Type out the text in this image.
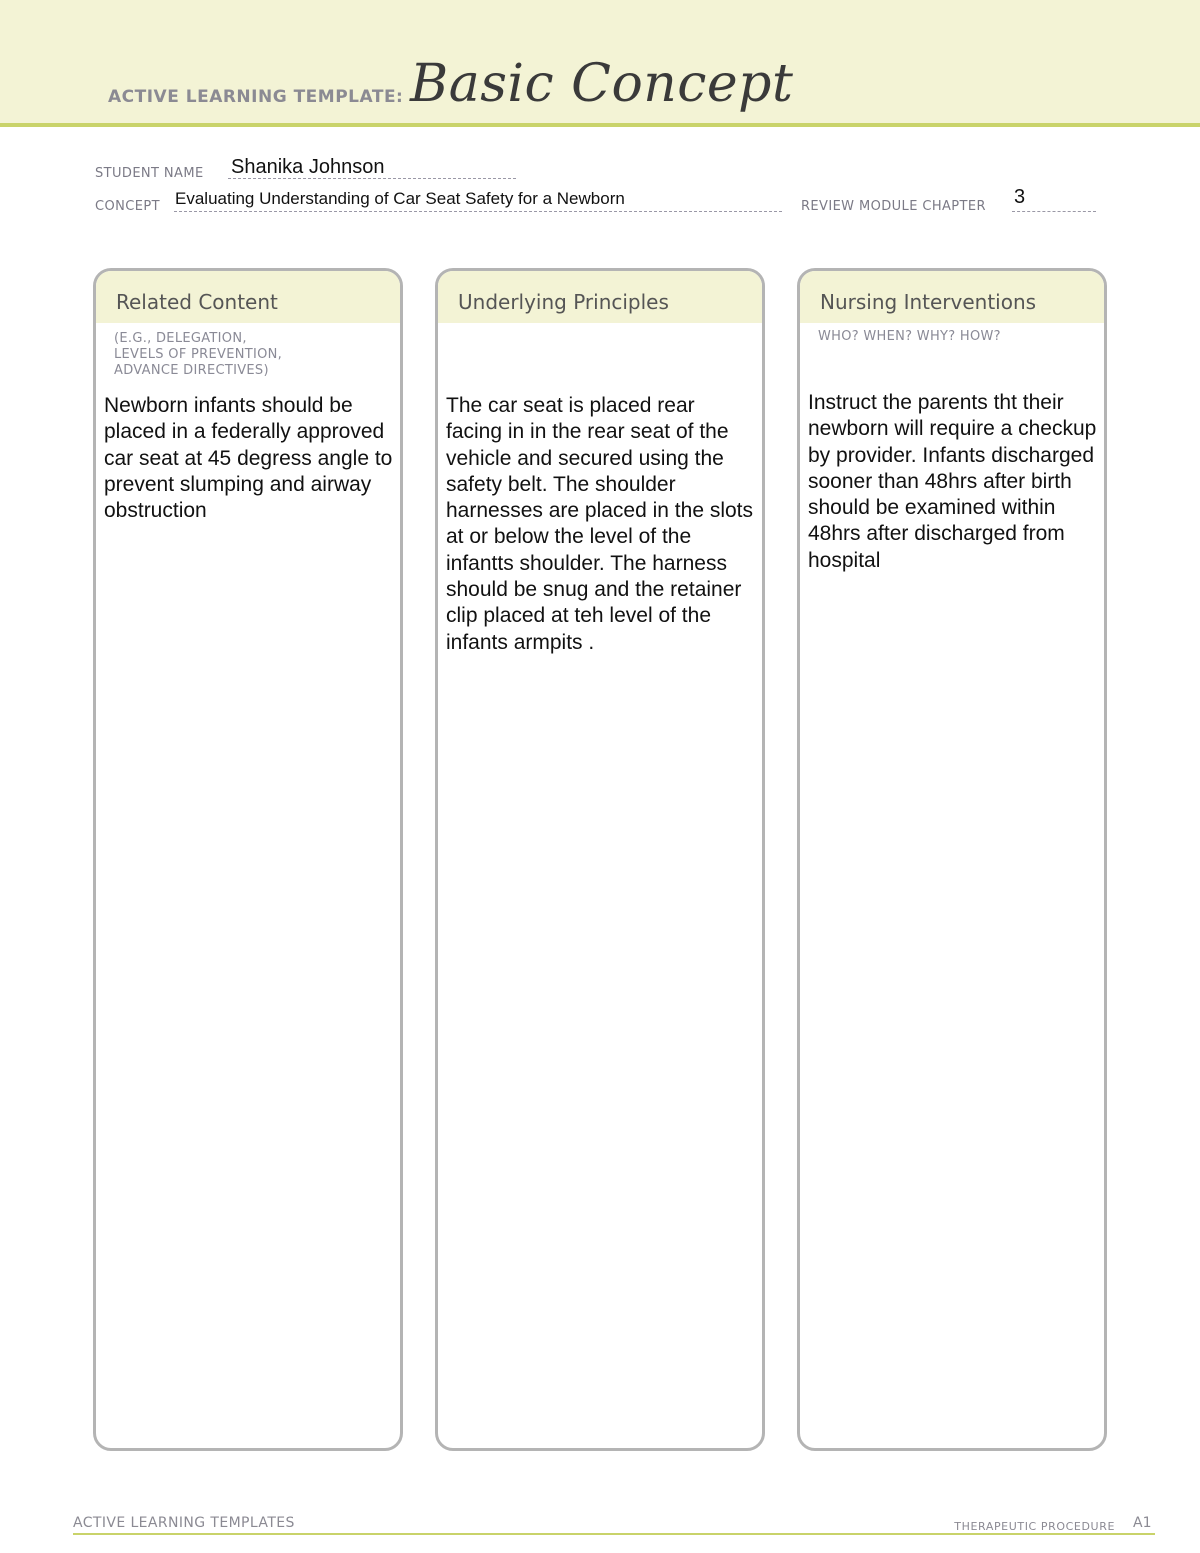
ACTIVE LEARNING TEMPLATE: Basic Concept
STUDENT NAME Shanika Johnson
CONCEPT Evaluating Understanding of Car Seat Safety for a Newborn	REVIEW MODULE CHAPTER 3
Related Content
(E.G., DELEGATION,
LEVELS OF PREVENTION,
ADVANCE DIRECTIVES)
Newborn infants should be placed in a federally approved car seat at 45 degress angle to prevent slumping and airway obstruction
Underlying Principles
The car seat is placed rear facing in in the rear seat of the vehicle and secured using the safety belt. The shoulder harnesses are placed in the slots at or below the level of the infantts shoulder. The harness should be snug and the retainer clip placed at teh level of the infants armpits .
Nursing Interventions
WHO? WHEN? WHY? HOW?
Instruct the parents tht their newborn will require a checkup by provider. Infants discharged sooner than 48hrs after birth should be examined within 48hrs after discharged from hospital
ACTIVE LEARNING TEMPLATES	THERAPEUTIC PROCEDURE A1
